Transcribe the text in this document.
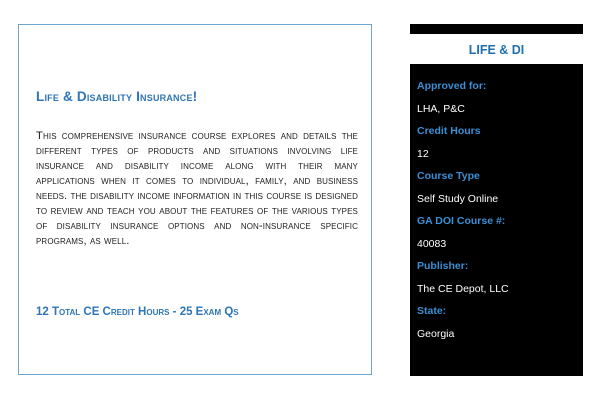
Life & Disability Insurance!

This comprehensive insurance course explores and details the different types of products and situations involving life insurance and disability income along with their many applications when it comes to individual, family, and business needs. the disability income information in this course is designed to review and teach you about the features of the various types of disability insurance options and non-insurance specific programs, as well.

12 Total CE Credit Hours - 25 Exam Qs

LIFE & DI
Approved for:
LHA, P&C
Credit Hours
12
Course Type
Self Study Online
GA DOI Course #:
40083
Publisher:
The CE Depot, LLC
State:
Georgia
